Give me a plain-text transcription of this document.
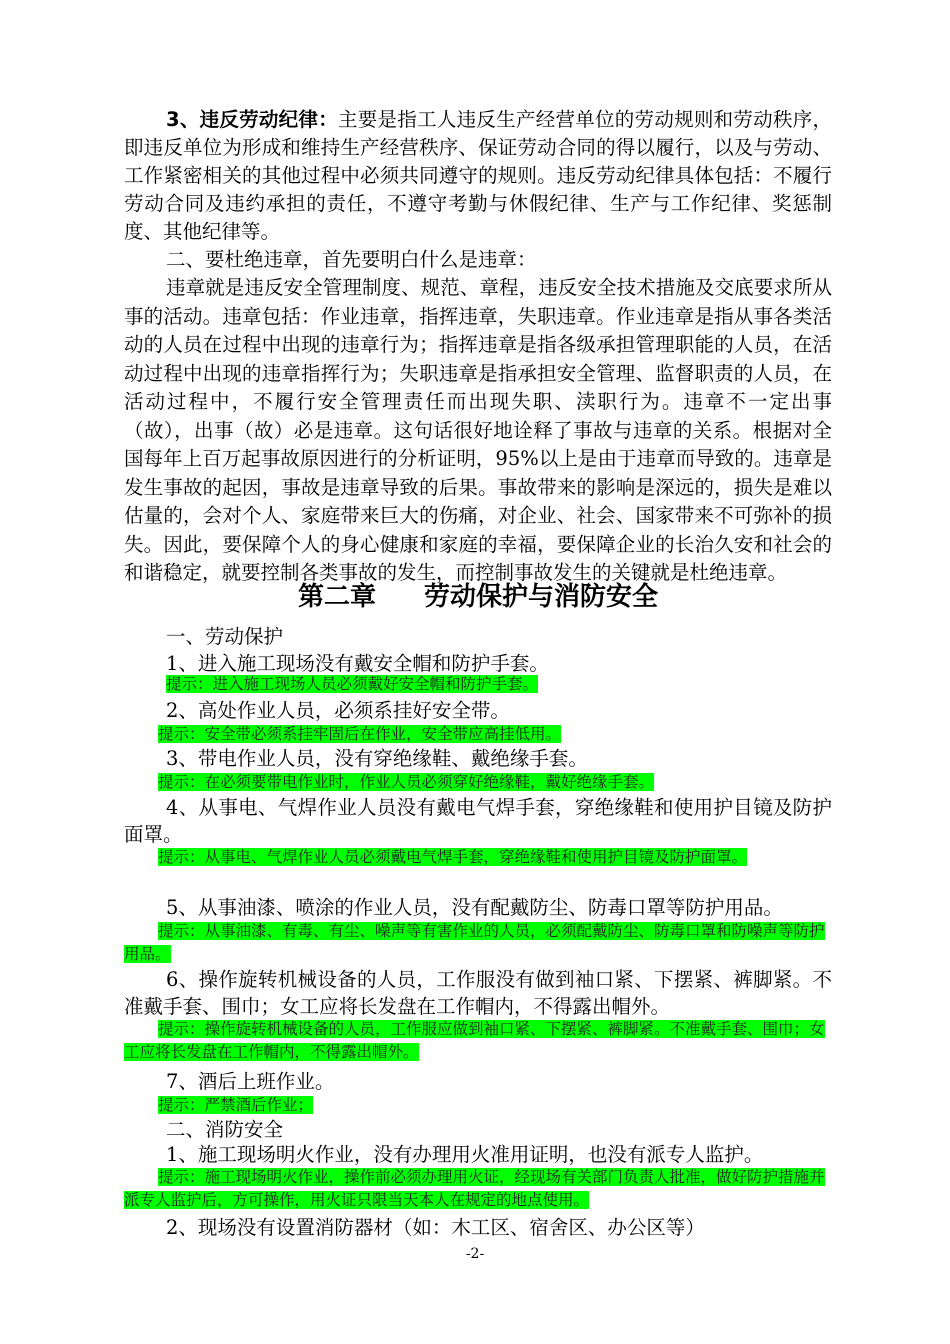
3、违反劳动纪律：主要是指工人违反生产经营单位的劳动规则和劳动秩序，即违反单位为形成和维持生产经营秩序、保证劳动合同的得以履行，以及与劳动、工作紧密相关的其他过程中必须共同遵守的规则。违反劳动纪律具体包括：不履行劳动合同及违约承担的责任，不遵守考勤与休假纪律、生产与工作纪律、奖惩制度、其他纪律等。

二、要杜绝违章，首先要明白什么是违章：

违章就是违反安全管理制度、规范、章程，违反安全技术措施及交底要求所从事的活动。违章包括：作业违章，指挥违章，失职违章。作业违章是指从事各类活动的人员在过程中出现的违章行为；指挥违章是指各级承担管理职能的人员，在活动过程中出现的违章指挥行为；失职违章是指承担安全管理、监督职责的人员，在活动过程中，不履行安全管理责任而出现失职、渎职行为。违章不一定出事（故），出事（故）必是违章。这句话很好地诠释了事故与违章的关系。根据对全国每年上百万起事故原因进行的分析证明，95%以上是由于违章而导致的。违章是发生事故的起因，事故是违章导致的后果。事故带来的影响是深远的，损失是难以估量的，会对个人、家庭带来巨大的伤痛，对企业、社会、国家带来不可弥补的损失。因此，要保障个人的身心健康和家庭的幸福，要保障企业的长治久安和社会的和谐稳定，就要控制各类事故的发生，而控制事故发生的关键就是杜绝违章。

第二章 劳动保护与消防安全
一、劳动保护
1、进入施工现场没有戴安全帽和防护手套。
提示：进入施工现场人员必须戴好安全帽和防护手套。
2、高处作业人员，必须系挂好安全带。
提示：安全带必须系挂牢固后在作业，安全带应高挂低用。
3、带电作业人员，没有穿绝缘鞋、戴绝缘手套。
提示：在必须要带电作业时，作业人员必须穿好绝缘鞋，戴好绝缘手套。

4、从事电、气焊作业人员没有戴电气焊手套，穿绝缘鞋和使用护目镜及防护面罩。

提示：从事电、气焊作业人员必须戴电气焊手套，穿绝缘鞋和使用护目镜及防护面罩。
5、从事油漆、喷涂的作业人员，没有配戴防尘、防毒口罩等防护用品。
提示：从事油漆、有毒、有尘、噪声等有害作业的人员，必须配戴防尘、防毒口罩和防噪声等防护用品。

6、操作旋转机械设备的人员，工作服没有做到袖口紧、下摆紧、裤脚紧。不准戴手套、围巾；女工应将长发盘在工作帽内，不得露出帽外。

提示：操作旋转机械设备的人员，工作服应做到袖口紧、下摆紧、裤脚紧。不准戴手套、围巾；女工应将长发盘在工作帽内，不得露出帽外。
7、酒后上班作业。
提示：严禁酒后作业；
二、消防安全
1、施工现场明火作业，没有办理用火准用证明，也没有派专人监护。
提示：施工现场明火作业，操作前必须办理用火证，经现场有关部门负责人批准，做好防护措施并派专人监护后，方可操作，用火证只限当天本人在规定的地点使用。
2、现场没有设置消防器材（如：木工区、宿舍区、办公区等）
-2-
